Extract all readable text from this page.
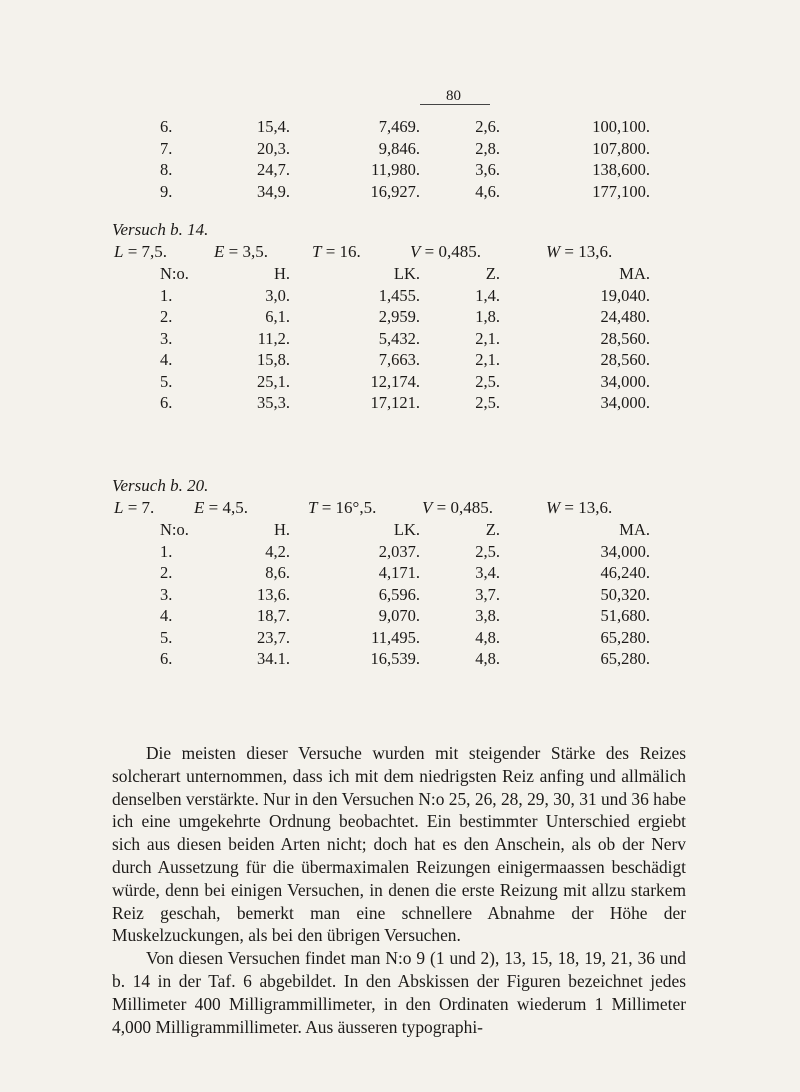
80
6.	15,4.	7,469.	2,6.	100,100.
7.	20,3.	9,846.	2,8.	107,800.
8.	24,7.	11,980.	3,6.	138,600.
9.	34,9.	16,927.	4,6.	177,100.
Versuch b. 14.
L = 7,5.	E = 3,5.	T = 16.	V = 0,485.	W = 13,6.
N:o.	H.	LK.	Z.	MA.
1.	3,0.	1,455.	1,4.	19,040.
2.	6,1.	2,959.	1,8.	24,480.
3.	11,2.	5,432.	2,1.	28,560.
4.	15,8.	7,663.	2,1.	28,560.
5.	25,1.	12,174.	2,5.	34,000.
6.	35,3.	17,121.	2,5.	34,000.
Versuch b. 20.
L = 7. E = 4,5.	T = 16°,5.	V = 0,485.	W = 13,6.
N:o.	H.	LK.	Z.	MA.
1.	4,2.	2,037.	2,5.	34,000.
2.	8,6.	4,171.	3,4.	46,240.
3.	13,6.	6,596.	3,7.	50,320.
4.	18,7.	9,070.	3,8.	51,680.
5.	23,7.	11,495.	4,8.	65,280.
6.	34.1.	16,539.	4,8.	65,280.

Die meisten dieser Versuche wurden mit steigender Stärke des Reizes solcherart unternommen, dass ich mit dem niedrigsten Reiz anfing und allmälich denselben verstärkte. Nur in den Versuchen N:o 25, 26, 28, 29, 30, 31 und 36 habe ich eine umgekehrte Ordnung beobachtet. Ein bestimmter Unterschied ergiebt sich aus diesen beiden Arten nicht; doch hat es den Anschein, als ob der Nerv durch Aussetzung für die übermaximalen Reizungen einigermaassen beschädigt würde, denn bei einigen Versuchen, in denen die erste Reizung mit allzu starkem Reiz geschah, bemerkt man eine schnellere Abnahme der Höhe der Muskelzuckungen, als bei den übrigen Versuchen.

Von diesen Versuchen findet man N:o 9 (1 und 2), 13, 15, 18, 19, 21, 36 und b. 14 in der Taf. 6 abgebildet. In den Abskissen der Figuren bezeichnet jedes Millimeter 400 Milligrammillimeter, in den Ordinaten wiederum 1 Millimeter 4,000 Milligrammillimeter. Aus äusseren typographi-
